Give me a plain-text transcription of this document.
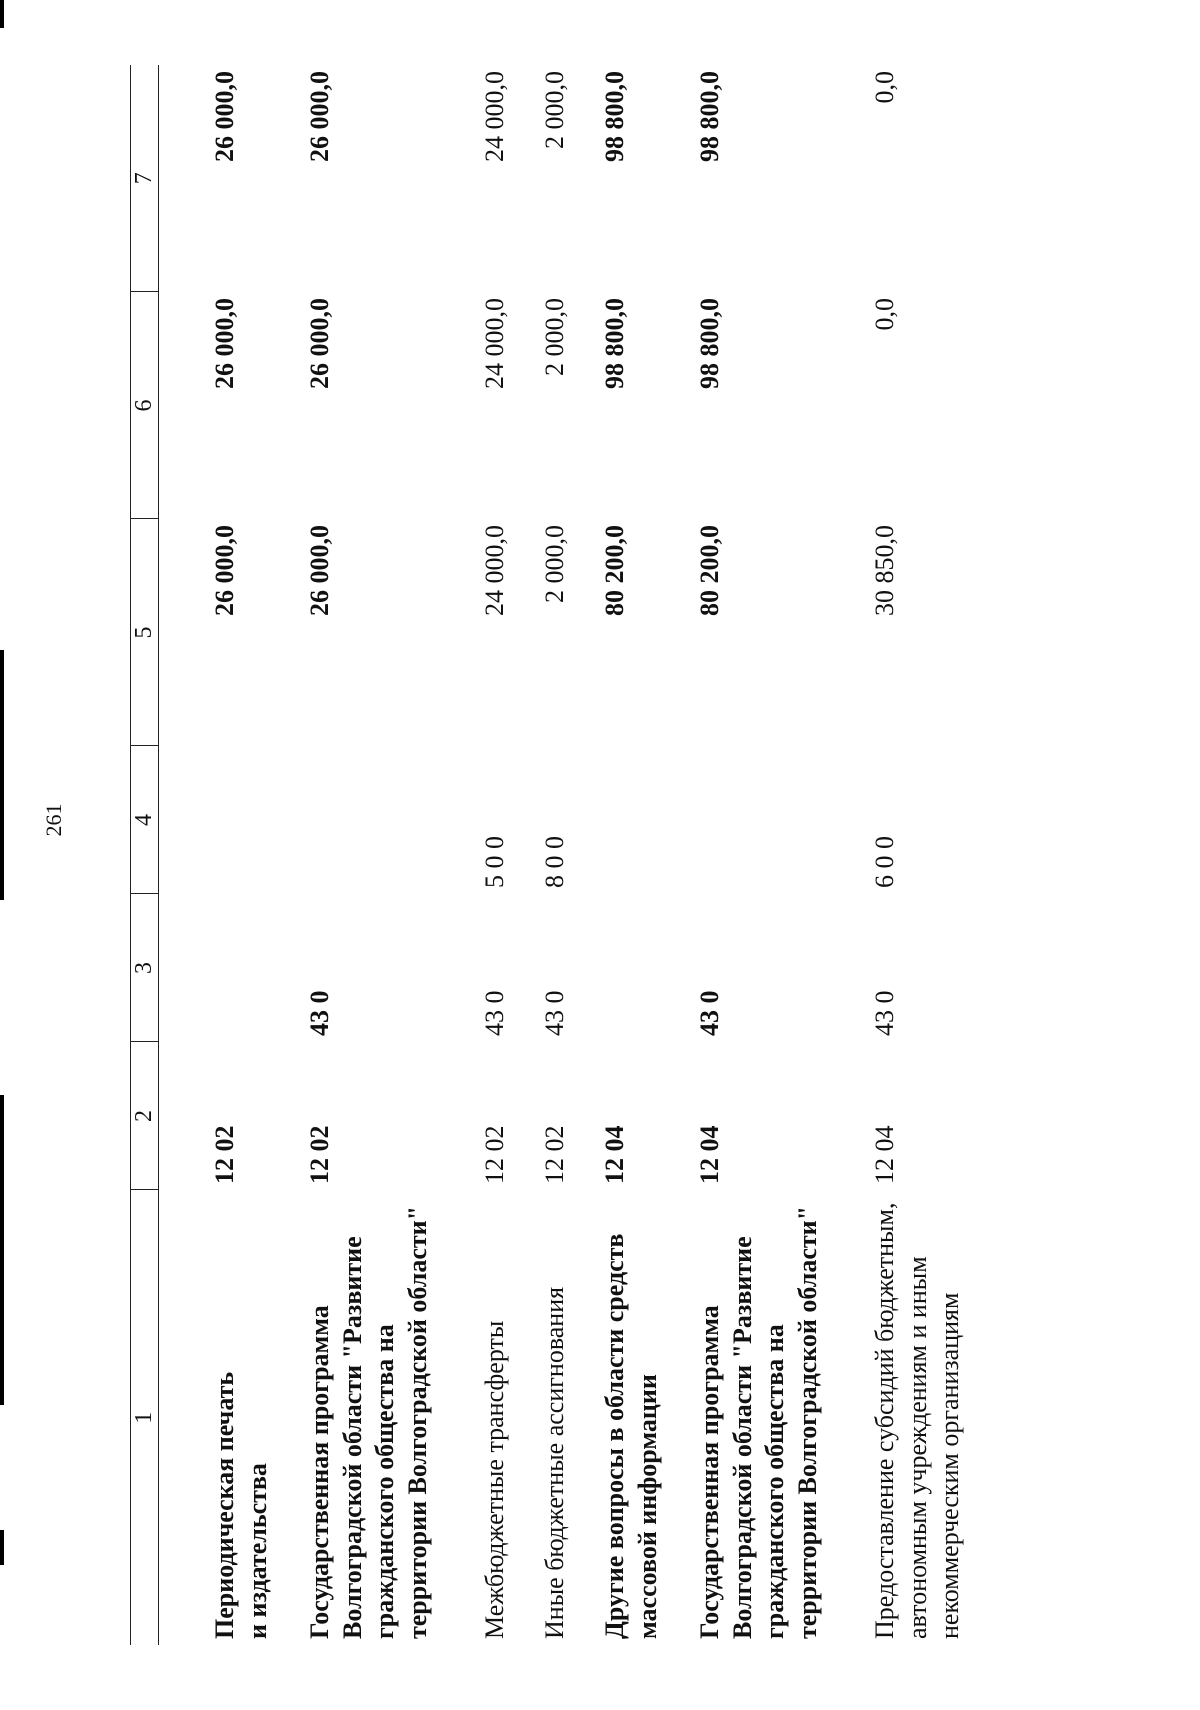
261
1	2	3	4	5	6	7

Периодическая печать
и издательства	12 02			26 000,0	26 000,0	26 000,0
Государственная программа Волгоградской области "Развитие гражданского общества на территории Волгоградской области"	12 02	43 0		26 000,0	26 000,0	26 000,0
Межбюджетные трансферты	12 02	43 0	5 0 0	24 000,0	24 000,0	24 000,0
Иные бюджетные ассигнования	12 02	43 0	8 0 0	2 000,0	2 000,0	2 000,0
Другие вопросы в области средств массовой информации	12 04			80 200,0	98 800,0	98 800,0
Государственная программа Волгоградской области "Развитие гражданского общества на территории Волгоградской области"	12 04	43 0		80 200,0	98 800,0	98 800,0
Предоставление субсидий бюджетным, автономным учреждениям и иным некоммерческим организациям	12 04	43 0	6 0 0	30 850,0	0,0	0,0
